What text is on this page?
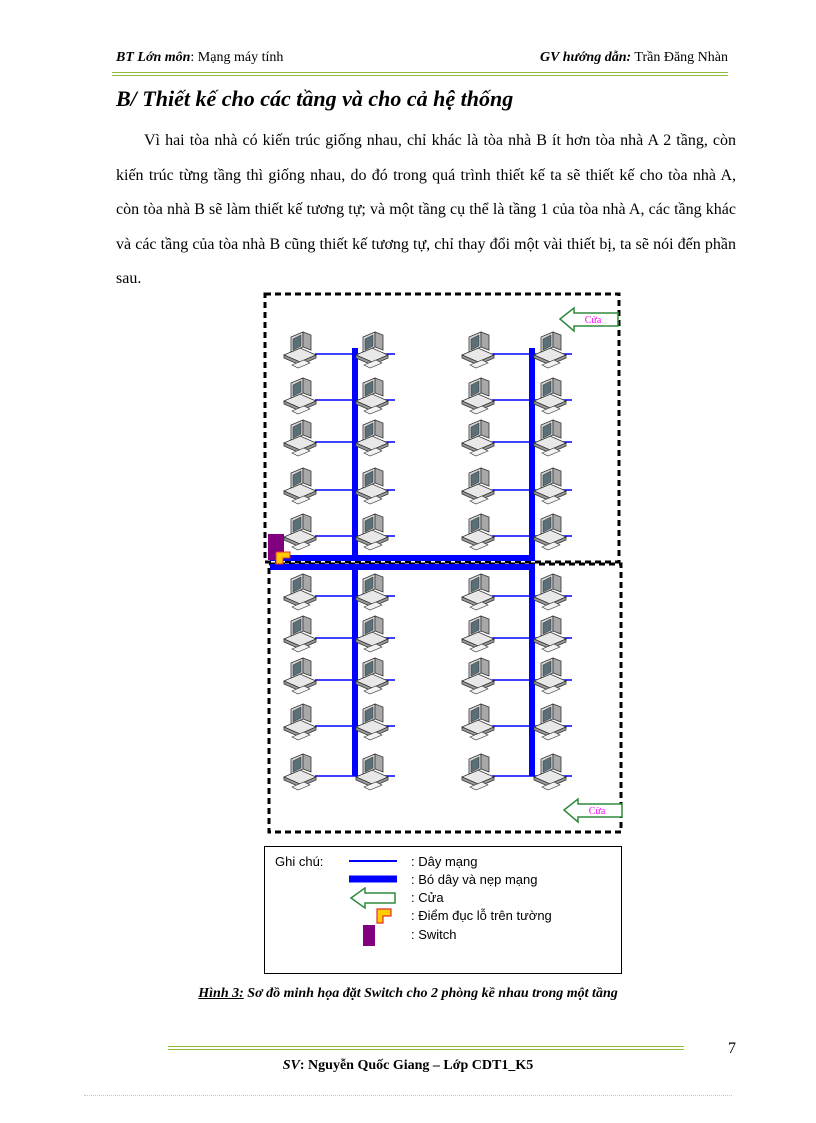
BT Lớn môn: Mạng máy tính	GV hướng dẫn: Trần Đăng Nhàn
B/ Thiết kế cho các tầng và cho cả hệ thống
Vì hai tòa nhà có kiến trúc giống nhau, chỉ khác là tòa nhà B ít hơn tòa nhà A 2 tầng, còn kiến trúc từng tầng thì giống nhau, do đó trong quá trình thiết kế ta sẽ thiết kế cho tòa nhà A, còn tòa nhà B sẽ làm thiết kế tương tự; và một tầng cụ thể là tầng 1 của tòa nhà A, các tầng khác và các tầng của tòa nhà B cũng thiết kế tương tự, chỉ thay đổi một vài thiết bị, ta sẽ nói đến phần sau.
Cửa
Cửa
Ghi chú:	: Dây mạng
: Bó dây và nẹp mạng
: Cửa
: Điểm đục lỗ trên tường
: Switch
Hình 3: Sơ đồ minh họa đặt Switch cho 2 phòng kề nhau trong một tầng
7
SV: Nguyễn Quốc Giang – Lớp CDT1_K5
